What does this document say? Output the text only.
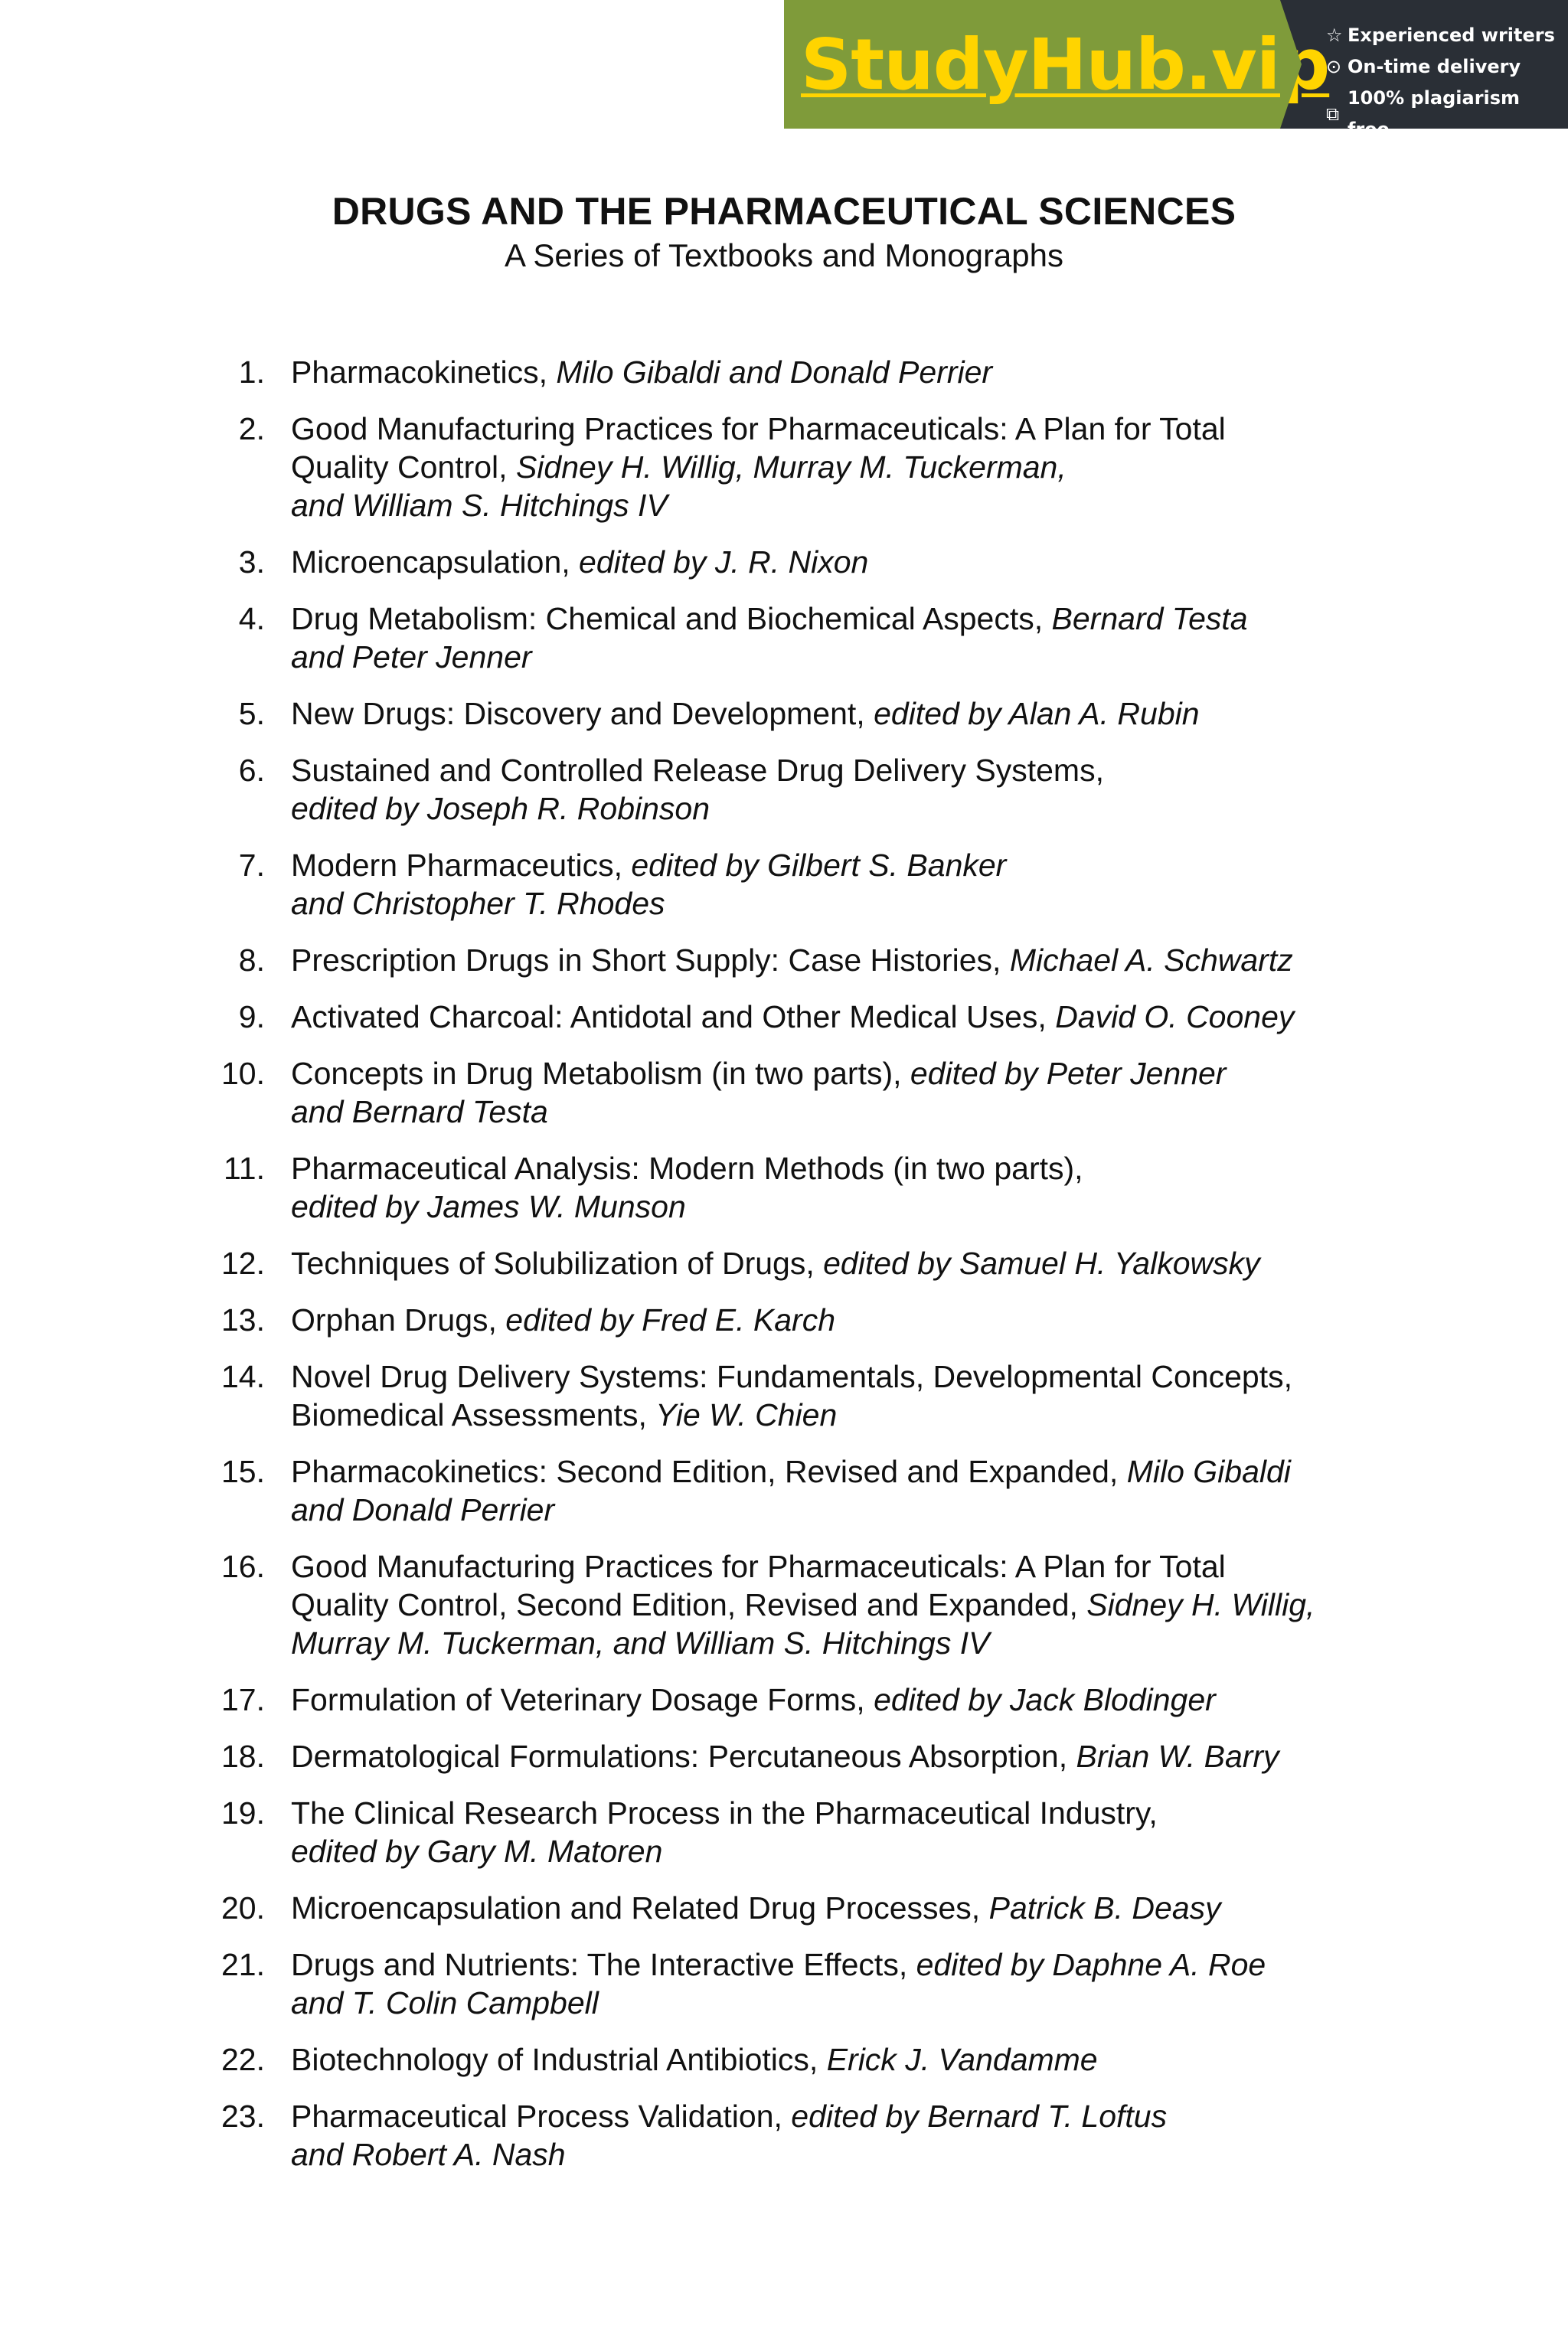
StudyHub.vip
☆ Experienced writers
⊙ On-time delivery
⧉
100% plagiarism free
DRUGS AND THE PHARMACEUTICAL SCIENCES
A Series of Textbooks and Monographs
1. Pharmacokinetics, Milo Gibaldi and Donald Perrier
2. Good Manufacturing Practices for Pharmaceuticals: A Plan for Total
Quality Control, Sidney H. Willig, Murray M. Tuckerman,
and William S. Hitchings IV
3. Microencapsulation, edited by J. R. Nixon
4. Drug Metabolism: Chemical and Biochemical Aspects, Bernard Testa
and Peter Jenner
5. New Drugs: Discovery and Development, edited by Alan A. Rubin
6. Sustained and Controlled Release Drug Delivery Systems,
edited by Joseph R. Robinson
7. Modern Pharmaceutics, edited by Gilbert S. Banker
and Christopher T. Rhodes
8. Prescription Drugs in Short Supply: Case Histories, Michael A. Schwartz
9. Activated Charcoal: Antidotal and Other Medical Uses, David O. Cooney
10. Concepts in Drug Metabolism (in two parts), edited by Peter Jenner
and Bernard Testa
11. Pharmaceutical Analysis: Modern Methods (in two parts),
edited by James W. Munson
12. Techniques of Solubilization of Drugs, edited by Samuel H. Yalkowsky
13. Orphan Drugs, edited by Fred E. Karch
14. Novel Drug Delivery Systems: Fundamentals, Developmental Concepts,
Biomedical Assessments, Yie W. Chien
15. Pharmacokinetics: Second Edition, Revised and Expanded, Milo Gibaldi
and Donald Perrier
16. Good Manufacturing Practices for Pharmaceuticals: A Plan for Total
Quality Control, Second Edition, Revised and Expanded, Sidney H. Willig,
Murray M. Tuckerman, and William S. Hitchings IV
17. Formulation of Veterinary Dosage Forms, edited by Jack Blodinger
18. Dermatological Formulations: Percutaneous Absorption, Brian W. Barry
19. The Clinical Research Process in the Pharmaceutical Industry,
edited by Gary M. Matoren
20. Microencapsulation and Related Drug Processes, Patrick B. Deasy
21. Drugs and Nutrients: The Interactive Effects, edited by Daphne A. Roe
and T. Colin Campbell
22. Biotechnology of Industrial Antibiotics, Erick J. Vandamme
23. Pharmaceutical Process Validation, edited by Bernard T. Loftus
and Robert A. Nash
